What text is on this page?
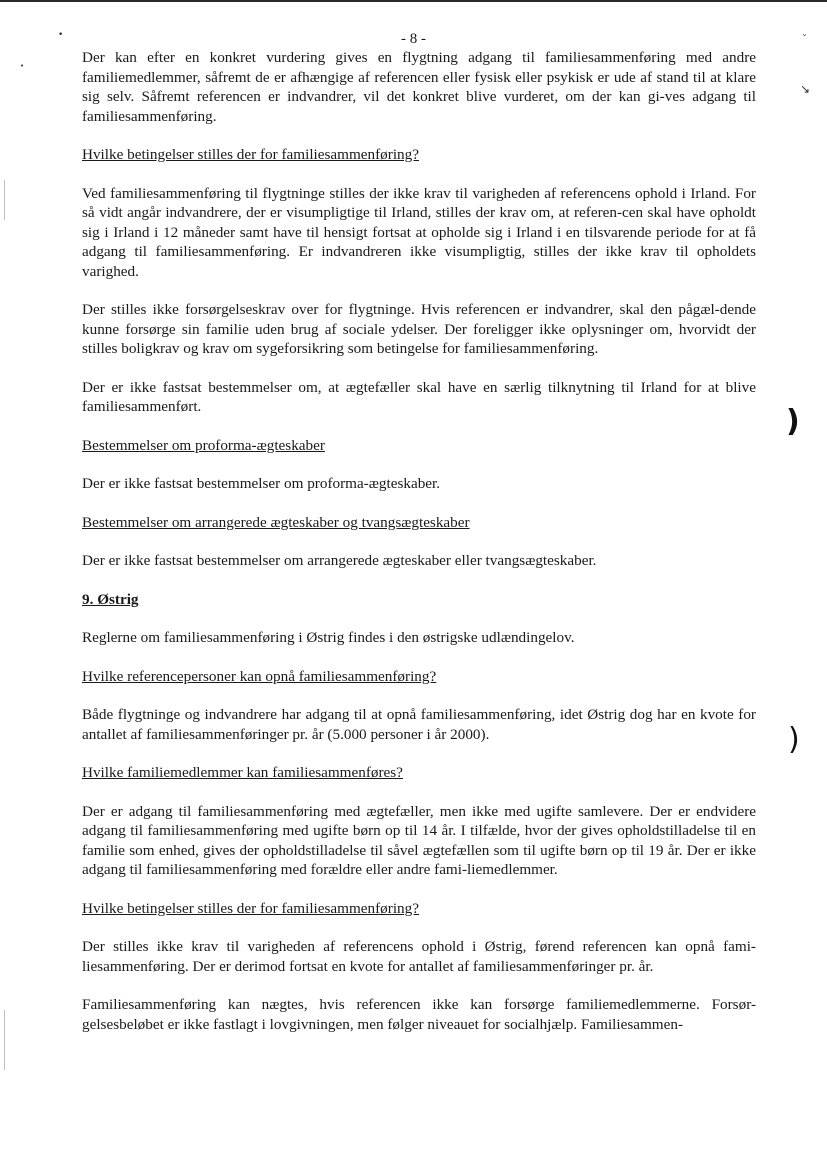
- 8 -

Der kan efter en konkret vurdering gives en flygtning adgang til familiesammenføring med andre familiemedlemmer, såfremt de er afhængige af referencen eller fysisk eller psykisk er ude af stand til at klare sig selv. Såfremt referencen er indvandrer, vil det konkret blive vurderet, om der kan gi-ves adgang til familiesammenføring.

Hvilke betingelser stilles der for familiesammenføring?

Ved familiesammenføring til flygtninge stilles der ikke krav til varigheden af referencens ophold i Irland. For så vidt angår indvandrere, der er visumpligtige til Irland, stilles der krav om, at referen-cen skal have opholdt sig i Irland i 12 måneder samt have til hensigt fortsat at opholde sig i Irland i en tilsvarende periode for at få adgang til familiesammenføring. Er indvandreren ikke visumpligtig, stilles der ikke krav til opholdets varighed.

Der stilles ikke forsørgelseskrav over for flygtninge. Hvis referencen er indvandrer, skal den pågæl-dende kunne forsørge sin familie uden brug af sociale ydelser. Der foreligger ikke oplysninger om, hvorvidt der stilles boligkrav og krav om sygeforsikring som betingelse for familiesammenføring.

Der er ikke fastsat bestemmelser om, at ægtefæller skal have en særlig tilknytning til Irland for at blive familiesammenført.

Bestemmelser om proforma-ægteskaber

Der er ikke fastsat bestemmelser om proforma-ægteskaber.

Bestemmelser om arrangerede ægteskaber og tvangsægteskaber

Der er ikke fastsat bestemmelser om arrangerede ægteskaber eller tvangsægteskaber.

9. Østrig

Reglerne om familiesammenføring i Østrig findes i den østrigske udlændingelov.

Hvilke referencepersoner kan opnå familiesammenføring?

Både flygtninge og indvandrere har adgang til at opnå familiesammenføring, idet Østrig dog har en kvote for antallet af familiesammenføringer pr. år (5.000 personer i år 2000).

Hvilke familiemedlemmer kan familiesammenføres?

Der er adgang til familiesammenføring med ægtefæller, men ikke med ugifte samlevere. Der er endvidere adgang til familiesammenføring med ugifte børn op til 14 år. I tilfælde, hvor der gives opholdstilladelse til en familie som enhed, gives der opholdstilladelse til såvel ægtefællen som til ugifte børn op til 19 år. Der er ikke adgang til familiesammenføring med forældre eller andre fami-liemedlemmer.

Hvilke betingelser stilles der for familiesammenføring?

Der stilles ikke krav til varigheden af referencens ophold i Østrig, førend referencen kan opnå fami-liesammenføring. Der er derimod fortsat en kvote for antallet af familiesammenføringer pr. år.

Familiesammenføring kan nægtes, hvis referencen ikke kan forsørge familiemedlemmerne. Forsør-gelsesbeløbet er ikke fastlagt i lovgivningen, men følger niveauet for socialhjælp. Familiesammen-

•
•
ˇ
↘
)
)
